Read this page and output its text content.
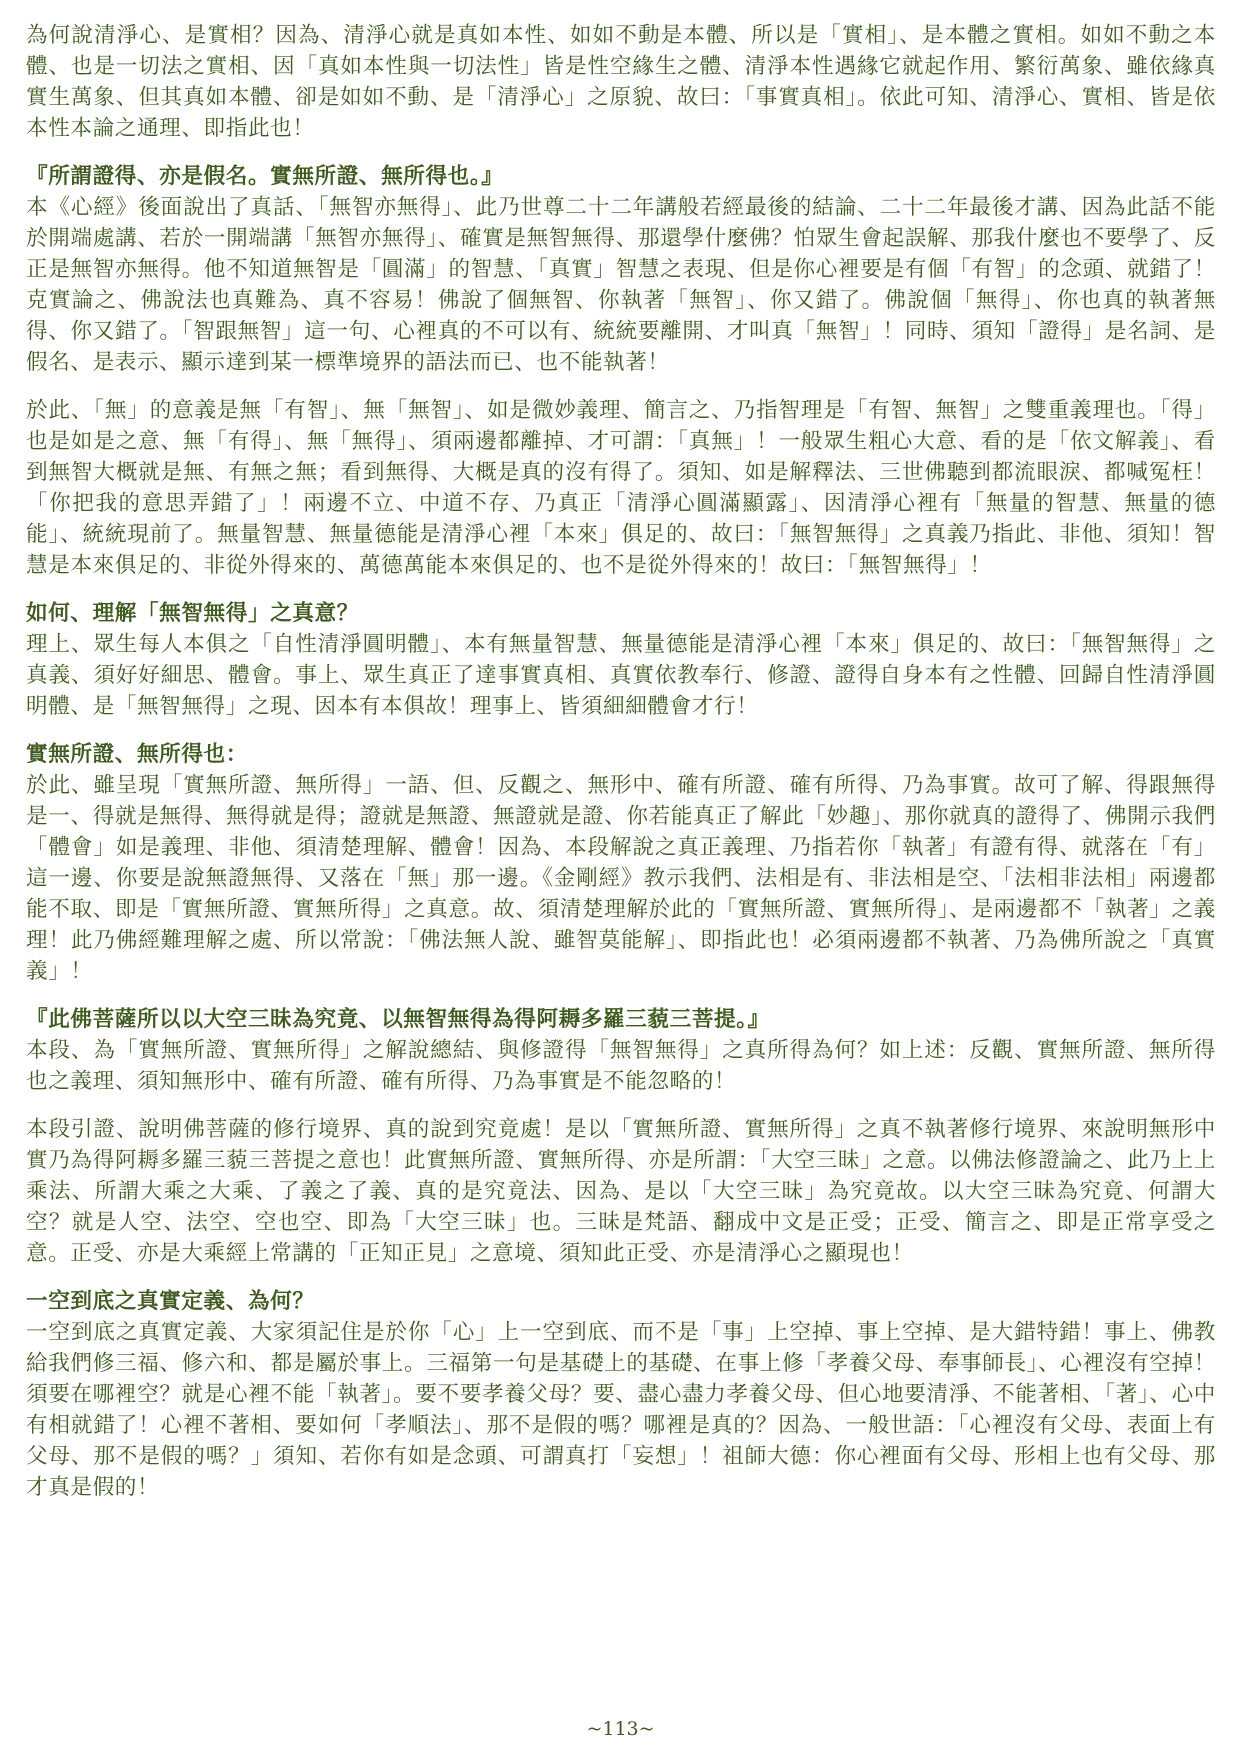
為何說清淨心、是實相？因為、清淨心就是真如本性、如如不動是本體、所以是「實相」、是本體之實相。如如不動之本體、也是一切法之實相、因「真如本性與一切法性」皆是性空緣生之體、清淨本性遇緣它就起作用、繁衍萬象、雖依緣真實生萬象、但其真如本體、卻是如如不動、是「清淨心」之原貌、故曰：「事實真相」。依此可知、清淨心、實相、皆是依本性本論之通理、即指此也！

『所謂證得、亦是假名。實無所證、無所得也。』

本《心經》後面說出了真話、「無智亦無得」、此乃世尊二十二年講般若經最後的結論、二十二年最後才講、因為此話不能於開端處講、若於一開端講「無智亦無得」、確實是無智無得、那還學什麼佛？怕眾生會起誤解、那我什麼也不要學了、反正是無智亦無得。他不知道無智是「圓滿」的智慧、「真實」智慧之表現、但是你心裡要是有個「有智」的念頭、就錯了！克實論之、佛說法也真難為、真不容易！佛說了個無智、你執著「無智」、你又錯了。佛說個「無得」、你也真的執著無得、你又錯了。「智跟無智」這一句、心裡真的不可以有、統統要離開、才叫真「無智」！同時、須知「證得」是名詞、是假名、是表示、顯示達到某一標準境界的語法而已、也不能執著！

於此、「無」的意義是無「有智」、無「無智」、如是微妙義理、簡言之、乃指智理是「有智、無智」之雙重義理也。「得」也是如是之意、無「有得」、無「無得」、須兩邊都離掉、才可謂：「真無」！一般眾生粗心大意、看的是「依文解義」、看到無智大概就是無、有無之無；看到無得、大概是真的沒有得了。須知、如是解釋法、三世佛聽到都流眼淚、都喊冤枉！「你把我的意思弄錯了」！兩邊不立、中道不存、乃真正「清淨心圓滿顯露」、因清淨心裡有「無量的智慧、無量的德能」、統統現前了。無量智慧、無量德能是清淨心裡「本來」俱足的、故曰：「無智無得」之真義乃指此、非他、須知！智慧是本來俱足的、非從外得來的、萬德萬能本來俱足的、也不是從外得來的！故曰：「無智無得」！

如何、理解「無智無得」之真意？

理上、眾生每人本俱之「自性清淨圓明體」、本有無量智慧、無量德能是清淨心裡「本來」俱足的、故曰：「無智無得」之真義、須好好細思、體會。事上、眾生真正了達事實真相、真實依教奉行、修證、證得自身本有之性體、回歸自性清淨圓明體、是「無智無得」之現、因本有本俱故！理事上、皆須細細體會才行！

實無所證、無所得也：

於此、雖呈現「實無所證、無所得」一語、但、反觀之、無形中、確有所證、確有所得、乃為事實。故可了解、得跟無得是一、得就是無得、無得就是得；證就是無證、無證就是證、你若能真正了解此「妙趣」、那你就真的證得了、佛開示我們「體會」如是義理、非他、須清楚理解、體會！因為、本段解說之真正義理、乃指若你「執著」有證有得、就落在「有」這一邊、你要是說無證無得、又落在「無」那一邊。《金剛經》教示我們、法相是有、非法相是空、「法相非法相」兩邊都能不取、即是「實無所證、實無所得」之真意。故、須清楚理解於此的「實無所證、實無所得」、是兩邊都不「執著」之義理！此乃佛經難理解之處、所以常說：「佛法無人說、雖智莫能解」、即指此也！必須兩邊都不執著、乃為佛所說之「真實義」！

『此佛菩薩所以以大空三昧為究竟、以無智無得為得阿耨多羅三藐三菩提。』

本段、為「實無所證、實無所得」之解說總結、與修證得「無智無得」之真所得為何？如上述：反觀、實無所證、無所得也之義理、須知無形中、確有所證、確有所得、乃為事實是不能忽略的！

本段引證、說明佛菩薩的修行境界、真的說到究竟處！是以「實無所證、實無所得」之真不執著修行境界、來說明無形中實乃為得阿耨多羅三藐三菩提之意也！此實無所證、實無所得、亦是所謂：「大空三昧」之意。以佛法修證論之、此乃上上乘法、所謂大乘之大乘、了義之了義、真的是究竟法、因為、是以「大空三昧」為究竟故。以大空三昧為究竟、何謂大空？就是人空、法空、空也空、即為「大空三昧」也。三昧是梵語、翻成中文是正受；正受、簡言之、即是正常享受之意。正受、亦是大乘經上常講的「正知正見」之意境、須知此正受、亦是清淨心之顯現也！

一空到底之真實定義、為何？

一空到底之真實定義、大家須記住是於你「心」上一空到底、而不是「事」上空掉、事上空掉、是大錯特錯！事上、佛教給我們修三福、修六和、都是屬於事上。三福第一句是基礎上的基礎、在事上修「孝養父母、奉事師長」、心裡沒有空掉！須要在哪裡空？就是心裡不能「執著」。要不要孝養父母？要、盡心盡力孝養父母、但心地要清淨、不能著相、「著」、心中有相就錯了！心裡不著相、要如何「孝順法」、那不是假的嗎？哪裡是真的？因為、一般世語：「心裡沒有父母、表面上有父母、那不是假的嗎？」須知、若你有如是念頭、可謂真打「妄想」！祖師大德：你心裡面有父母、形相上也有父母、那才真是假的！

~113~
